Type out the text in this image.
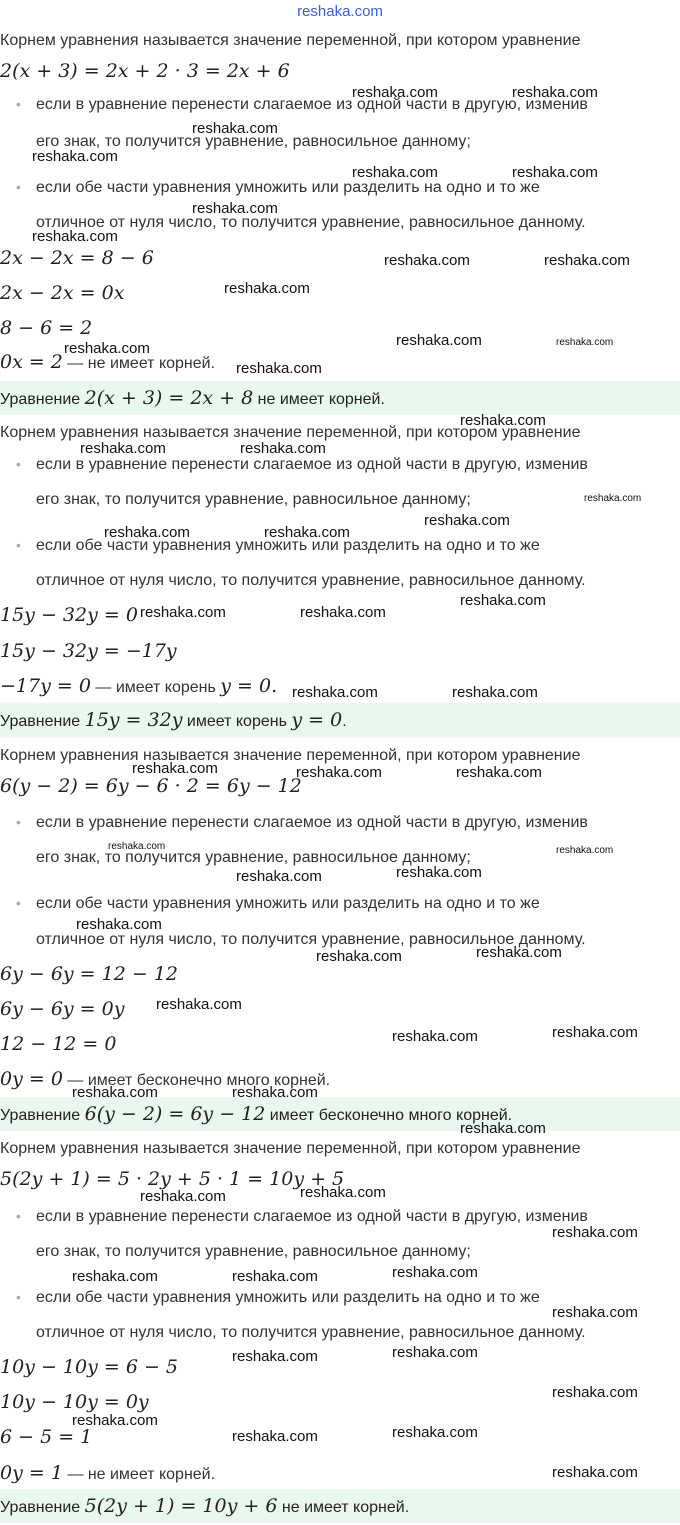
reshaka.com
Корнем уравнения называется значение переменной, при котором уравнение
2(x + 3) = 2x + 2 · 3 = 2x + 6
• если в уравнение перенести слагаемое из одной части в другую, изменив
его знак, то получится уравнение, равносильное данному;
• если обе части уравнения умножить или разделить на одно и то же
отличное от нуля число, то получится уравнение, равносильное данному.
2x − 2x = 8 − 6
2x − 2x = 0x
8 − 6 = 2
0x = 2 — не имеет корней.
Уравнение 2(x + 3) = 2x + 8 не имеет корней.
Корнем уравнения называется значение переменной, при котором уравнение
• если в уравнение перенести слагаемое из одной части в другую, изменив
его знак, то получится уравнение, равносильное данному;
• если обе части уравнения умножить или разделить на одно и то же
отличное от нуля число, то получится уравнение, равносильное данному.
15y − 32y = 0
15y − 32y = −17y
−17y = 0 — имеет корень y = 0.
Уравнение 15y = 32y имеет корень y = 0.
Корнем уравнения называется значение переменной, при котором уравнение
6(y − 2) = 6y − 6 · 2 = 6y − 12
• если в уравнение перенести слагаемое из одной части в другую, изменив
его знак, то получится уравнение, равносильное данному;
• если обе части уравнения умножить или разделить на одно и то же
отличное от нуля число, то получится уравнение, равносильное данному.
6y − 6y = 12 − 12
6y − 6y = 0y
12 − 12 = 0
0y = 0 — имеет бесконечно много корней.
Уравнение 6(y − 2) = 6y − 12 имеет бесконечно много корней.
Корнем уравнения называется значение переменной, при котором уравнение
5(2y + 1) = 5 · 2y + 5 · 1 = 10y + 5
• если в уравнение перенести слагаемое из одной части в другую, изменив
его знак, то получится уравнение, равносильное данному;
• если обе части уравнения умножить или разделить на одно и то же
отличное от нуля число, то получится уравнение, равносильное данному.
10y − 10y = 6 − 5
10y − 10y = 0y
6 − 5 = 1
0y = 1 — не имеет корней.
Уравнение 5(2y + 1) = 10y + 6 не имеет корней.
reshaka.com	reshaka.com
reshaka.com
reshaka.com
reshaka.com	reshaka.com
reshaka.com
reshaka.com
reshaka.com	reshaka.com
reshaka.com
reshaka.com	reshaka.com
reshaka.com
reshaka.com
reshaka.com
reshaka.com	reshaka.com
reshaka.com
reshaka.com
reshaka.com	reshaka.com
reshaka.com
reshaka.com	reshaka.com
reshaka.com	reshaka.com
reshaka.com	reshaka.com	reshaka.com
reshaka.com	reshaka.com
reshaka.com
reshaka.com
reshaka.com
reshaka.com
reshaka.com
reshaka.com
reshaka.com
reshaka.com
reshaka.com	reshaka.com
reshaka.com
reshaka.com
reshaka.com
reshaka.com
reshaka.com
reshaka.com	reshaka.com
reshaka.com
reshaka.com
reshaka.com
reshaka.com
reshaka.com
reshaka.com
reshaka.com
reshaka.com
